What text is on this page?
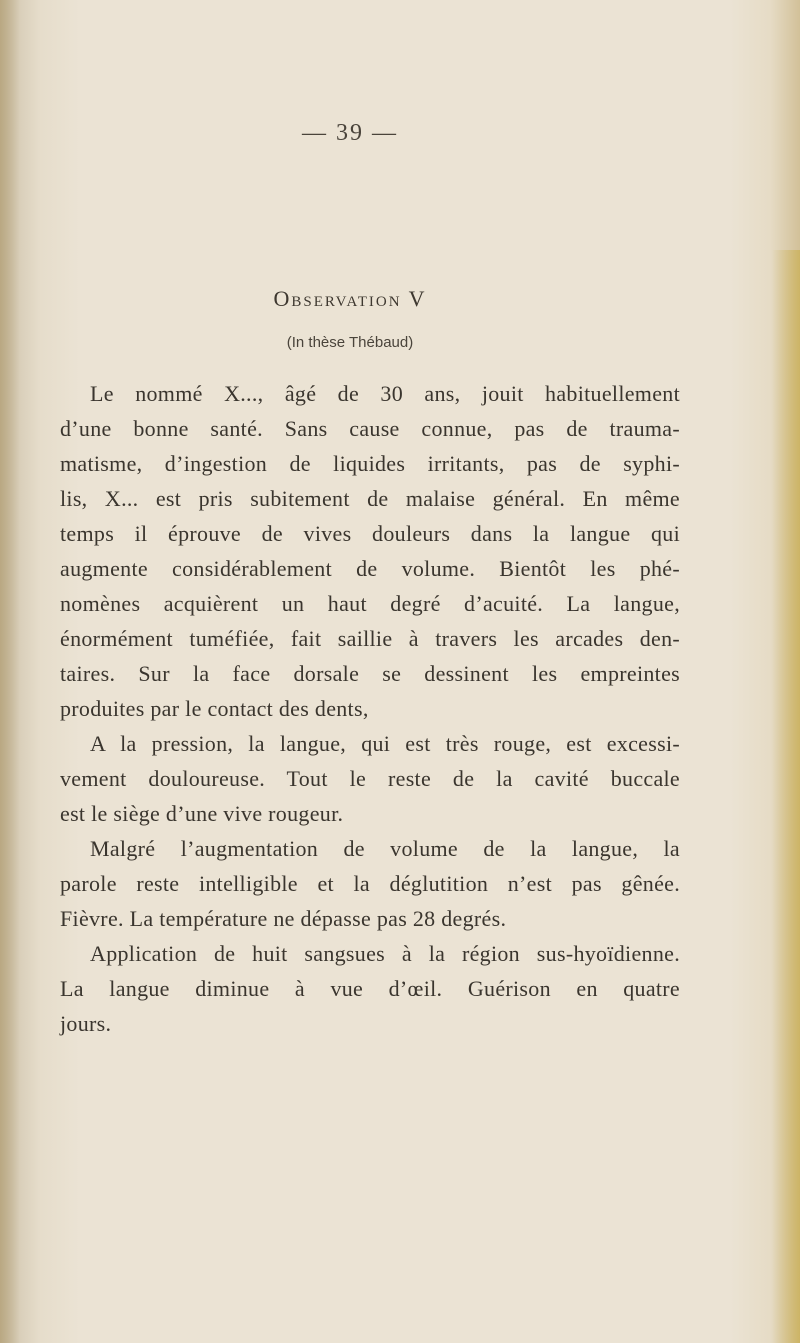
— 39 —
Observation V
(In thèse Thébaud)
Le nommé X..., âgé de 30 ans, jouit habituellement
d’une bonne santé. Sans cause connue, pas de trauma-
matisme, d’ingestion de liquides irritants, pas de syphi-
lis, X... est pris subitement de malaise général. En même
temps il éprouve de vives douleurs dans la langue qui
augmente considérablement de volume. Bientôt les phé-
nomènes acquièrent un haut degré d’acuité. La langue,
énormément tuméfiée, fait saillie à travers les arcades den-
taires. Sur la face dorsale se dessinent les empreintes
produites par le contact des dents,
A la pression, la langue, qui est très rouge, est excessi-
vement douloureuse. Tout le reste de la cavité buccale
est le siège d’une vive rougeur.
Malgré l’augmentation de volume de la langue, la
parole reste intelligible et la déglutition n’est pas gênée.
Fièvre. La température ne dépasse pas 28 degrés.
Application de huit sangsues à la région sus-hyoïdienne.
La langue diminue à vue d’œil. Guérison en quatre
jours.
